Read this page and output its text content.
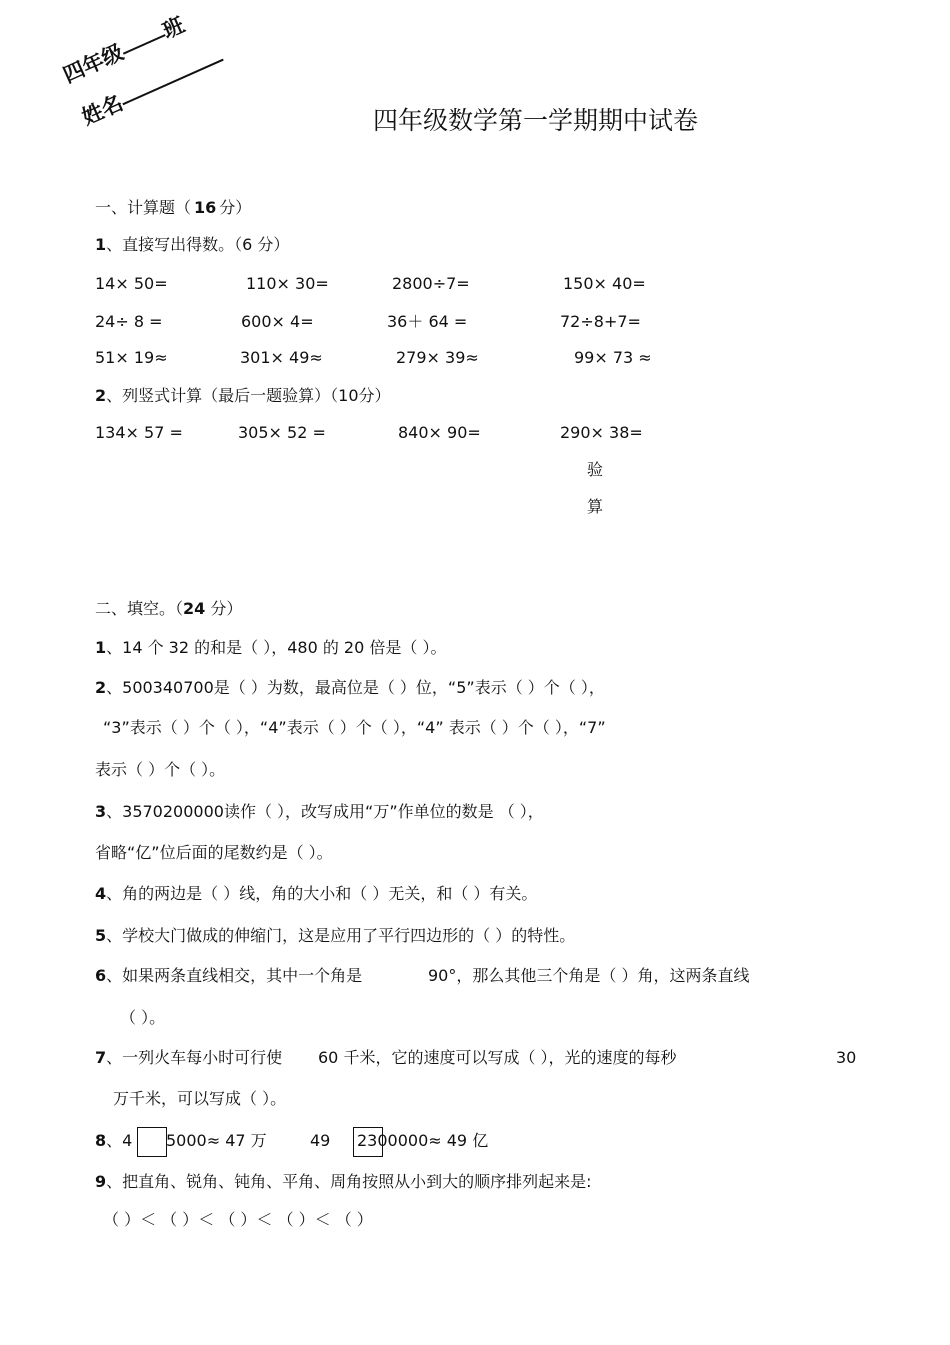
四年级班
姓名	四年级数学第一学期期中试卷
一、计算题（ 16 分）
1、直接写出得数。（6 分）
14× 50=	110× 30=	2800÷7=	150× 40=
24÷ 8 =	600× 4=	36＋ 64 =	72÷8+7=
51× 19≈	301× 49≈	279× 39≈	99× 73 ≈
2、列竖式计算（最后一题验算）（10分）
134× 57 =	305× 52 =	840× 90=	290× 38=
验
算
二、填空。（24 分）
1、14 个 32 的和是（ ），480 的 20 倍是（ ）。
2、500340700是（ ）为数，最高位是（ ）位，“5”表示（ ）个（ ），
“3”表示（ ）个（ ），“4”表示（ ）个（ ），“4” 表示（ ）个（ ），“7”
表示（ ）个（ ）。
3、3570200000读作（ ），改写成用“万”作单位的数是 （ ），
省略“亿”位后面的尾数约是（ ）。
4、角的两边是（ ）线，角的大小和（ ）无关，和（ ）有关。
5、学校大门做成的伸缩门，这是应用了平行四边形的（ ）的特性。
6、如果两条直线相交，其中一个角是	90°，那么其他三个角是（ ）角，这两条直线
（ ）。
7、一列火车每小时可行使 60 千米，它的速度可以写成（ ），光的速度的每秒	30
万千米，可以写成（ ）。
8、4 5000≈ 47 万	49 2300000≈ 49 亿
9、把直角、锐角、钝角、平角、周角按照从小到大的顺序排列起来是:
（ ）＜ （ ）＜ （ ）＜ （ ）＜ （ ）
